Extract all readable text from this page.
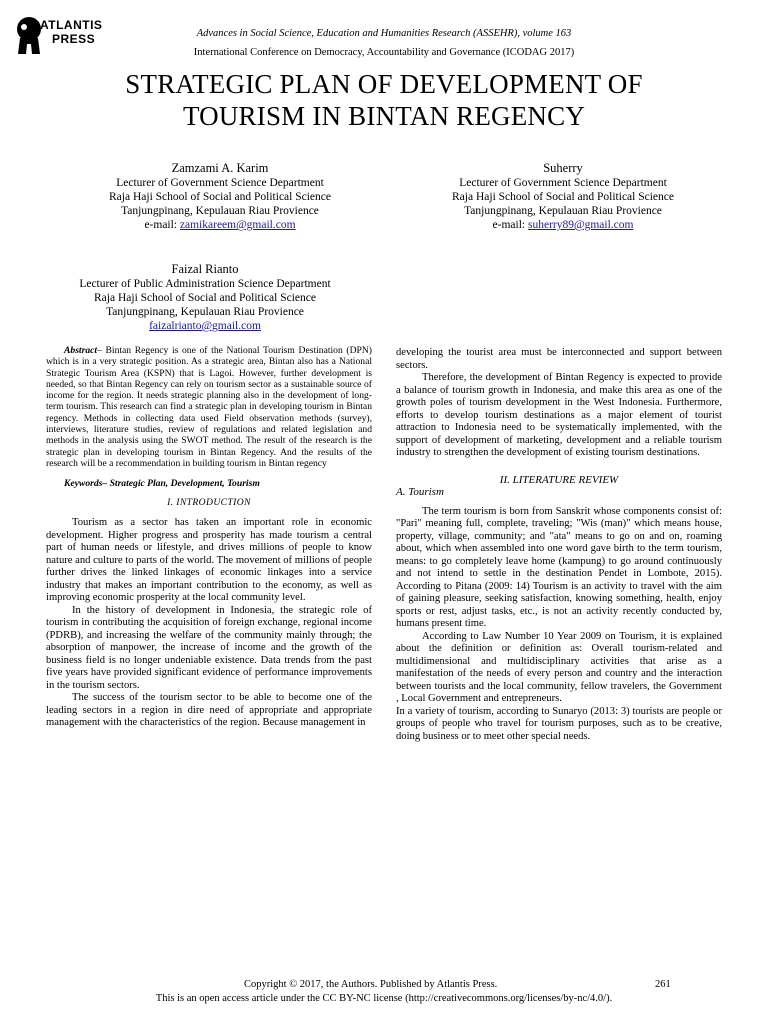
ATLANTIS
PRESS	Advances in Social Science, Education and Humanities Research (ASSEHR), volume 163
International Conference on Democracy, Accountability and Governance (ICODAG 2017)
STRATEGIC PLAN OF DEVELOPMENT OF
TOURISM IN BINTAN REGENCY
Zamzami A. Karim
Lecturer of Government Science Department
Raja Haji School of Social and Political Science
Tanjungpinang, Kepulauan Riau Provience
e-mail: zamikareem@gmail.com
Suherry
Lecturer of Government Science Department
Raja Haji School of Social and Political Science
Tanjungpinang, Kepulauan Riau Provience
e-mail: suherry89@gmail.com
Faizal Rianto
Lecturer of Public Administration Science Department
Raja Haji School of Social and Political Science
Tanjungpinang, Kepulauan Riau Provience
faizalrianto@gmail.com

Abstract– Bintan Regency is one of the National Tourism Destination (DPN) which is in a very strategic position. As a strategic area, Bintan also has a National Strategic Tourism Area (KSPN) that is Lagoi. However, further development is needed, so that Bintan Regency can rely on tourism sector as a sustainable source of income for the region. It needs strategic planning also in the development of long-term tourism. This research can find a strategic plan in developing tourism in Bintan regency. Methods in collecting data used Field observation methods (survey), interviews, literature studies, review of regulations and related legislation and methods in the analysis using the SWOT method. The result of the research is the strategic plan in developing tourism in Bintan Regency. And the results of the research will be a recommendation in building tourism in Bintan regency

Keywords– Strategic Plan, Development, Tourism

I. INTRODUCTION

Tourism as a sector has taken an important role in economic development. Higher progress and prosperity has made tourism a central part of human needs or lifestyle, and drives millions of people to know nature and culture to parts of the world. The movement of millions of people further drives the linked linkages of economic linkages into a service industry that makes an important contribution to the economy, as well as improving economic prosperity at the local community level.

In the history of development in Indonesia, the strategic role of tourism in contributing the acquisition of foreign exchange, regional income (PDRB), and increasing the welfare of the community mainly through; the absorption of manpower, the increase of income and the growth of the business field is no longer undeniable existence. Data trends from the past five years have provided significant evidence of performance improvements in the tourism sectors.

The success of the tourism sector to be able to become one of the leading sectors in a region in dire need of appropriate and appropriate management with the characteristics of the region. Because management in

developing the tourist area must be interconnected and support between sectors.

Therefore, the development of Bintan Regency is expected to provide a balance of tourism growth in Indonesia, and make this area as one of the growth poles of tourism development in the West Indonesia. Furthermore, efforts to develop tourism destinations as a major element of tourist attraction to Indonesia need to be systematically implemented, with the support of development of marketing, development and a reliable tourism industry to strengthen the development of existing tourism destinations.

II. LITERATURE REVIEW

A. Tourism

The term tourism is born from Sanskrit whose components consist of: "Pari" meaning full, complete, traveling; "Wis (man)" which means house, property, village, community; and "ata" means to go on and on, roaming about, which when assembled into one word gave birth to the term tourism, means: to go completely leave home (kampung) to go around continuously and not intend to settle in the destination Pendet in Lombote, 2015). According to Pitana (2009: 14) Tourism is an activity to travel with the aim of gaining pleasure, seeking satisfaction, knowing something, health, enjoy sports or rest, adjust tasks, etc., is not an activity recently conducted by, humans present time.

According to Law Number 10 Year 2009 on Tourism, it is explained about the definition or definition as: Overall tourism-related and multidimensional and multidisciplinary activities that arise as a manifestation of the needs of every person and country and the interaction between tourists and the local community, fellow travelers, the Government , Local Government and entrepreneurs.

In a variety of tourism, according to Sunaryo (2013: 3) tourists are people or groups of people who travel for tourism purposes, such as to be creative, doing business or to meet other special needs.

Copyright © 2017, the Authors. Published by Atlantis Press.	261
This is an open access article under the CC BY-NC license (http://creativecommons.org/licenses/by-nc/4.0/).
